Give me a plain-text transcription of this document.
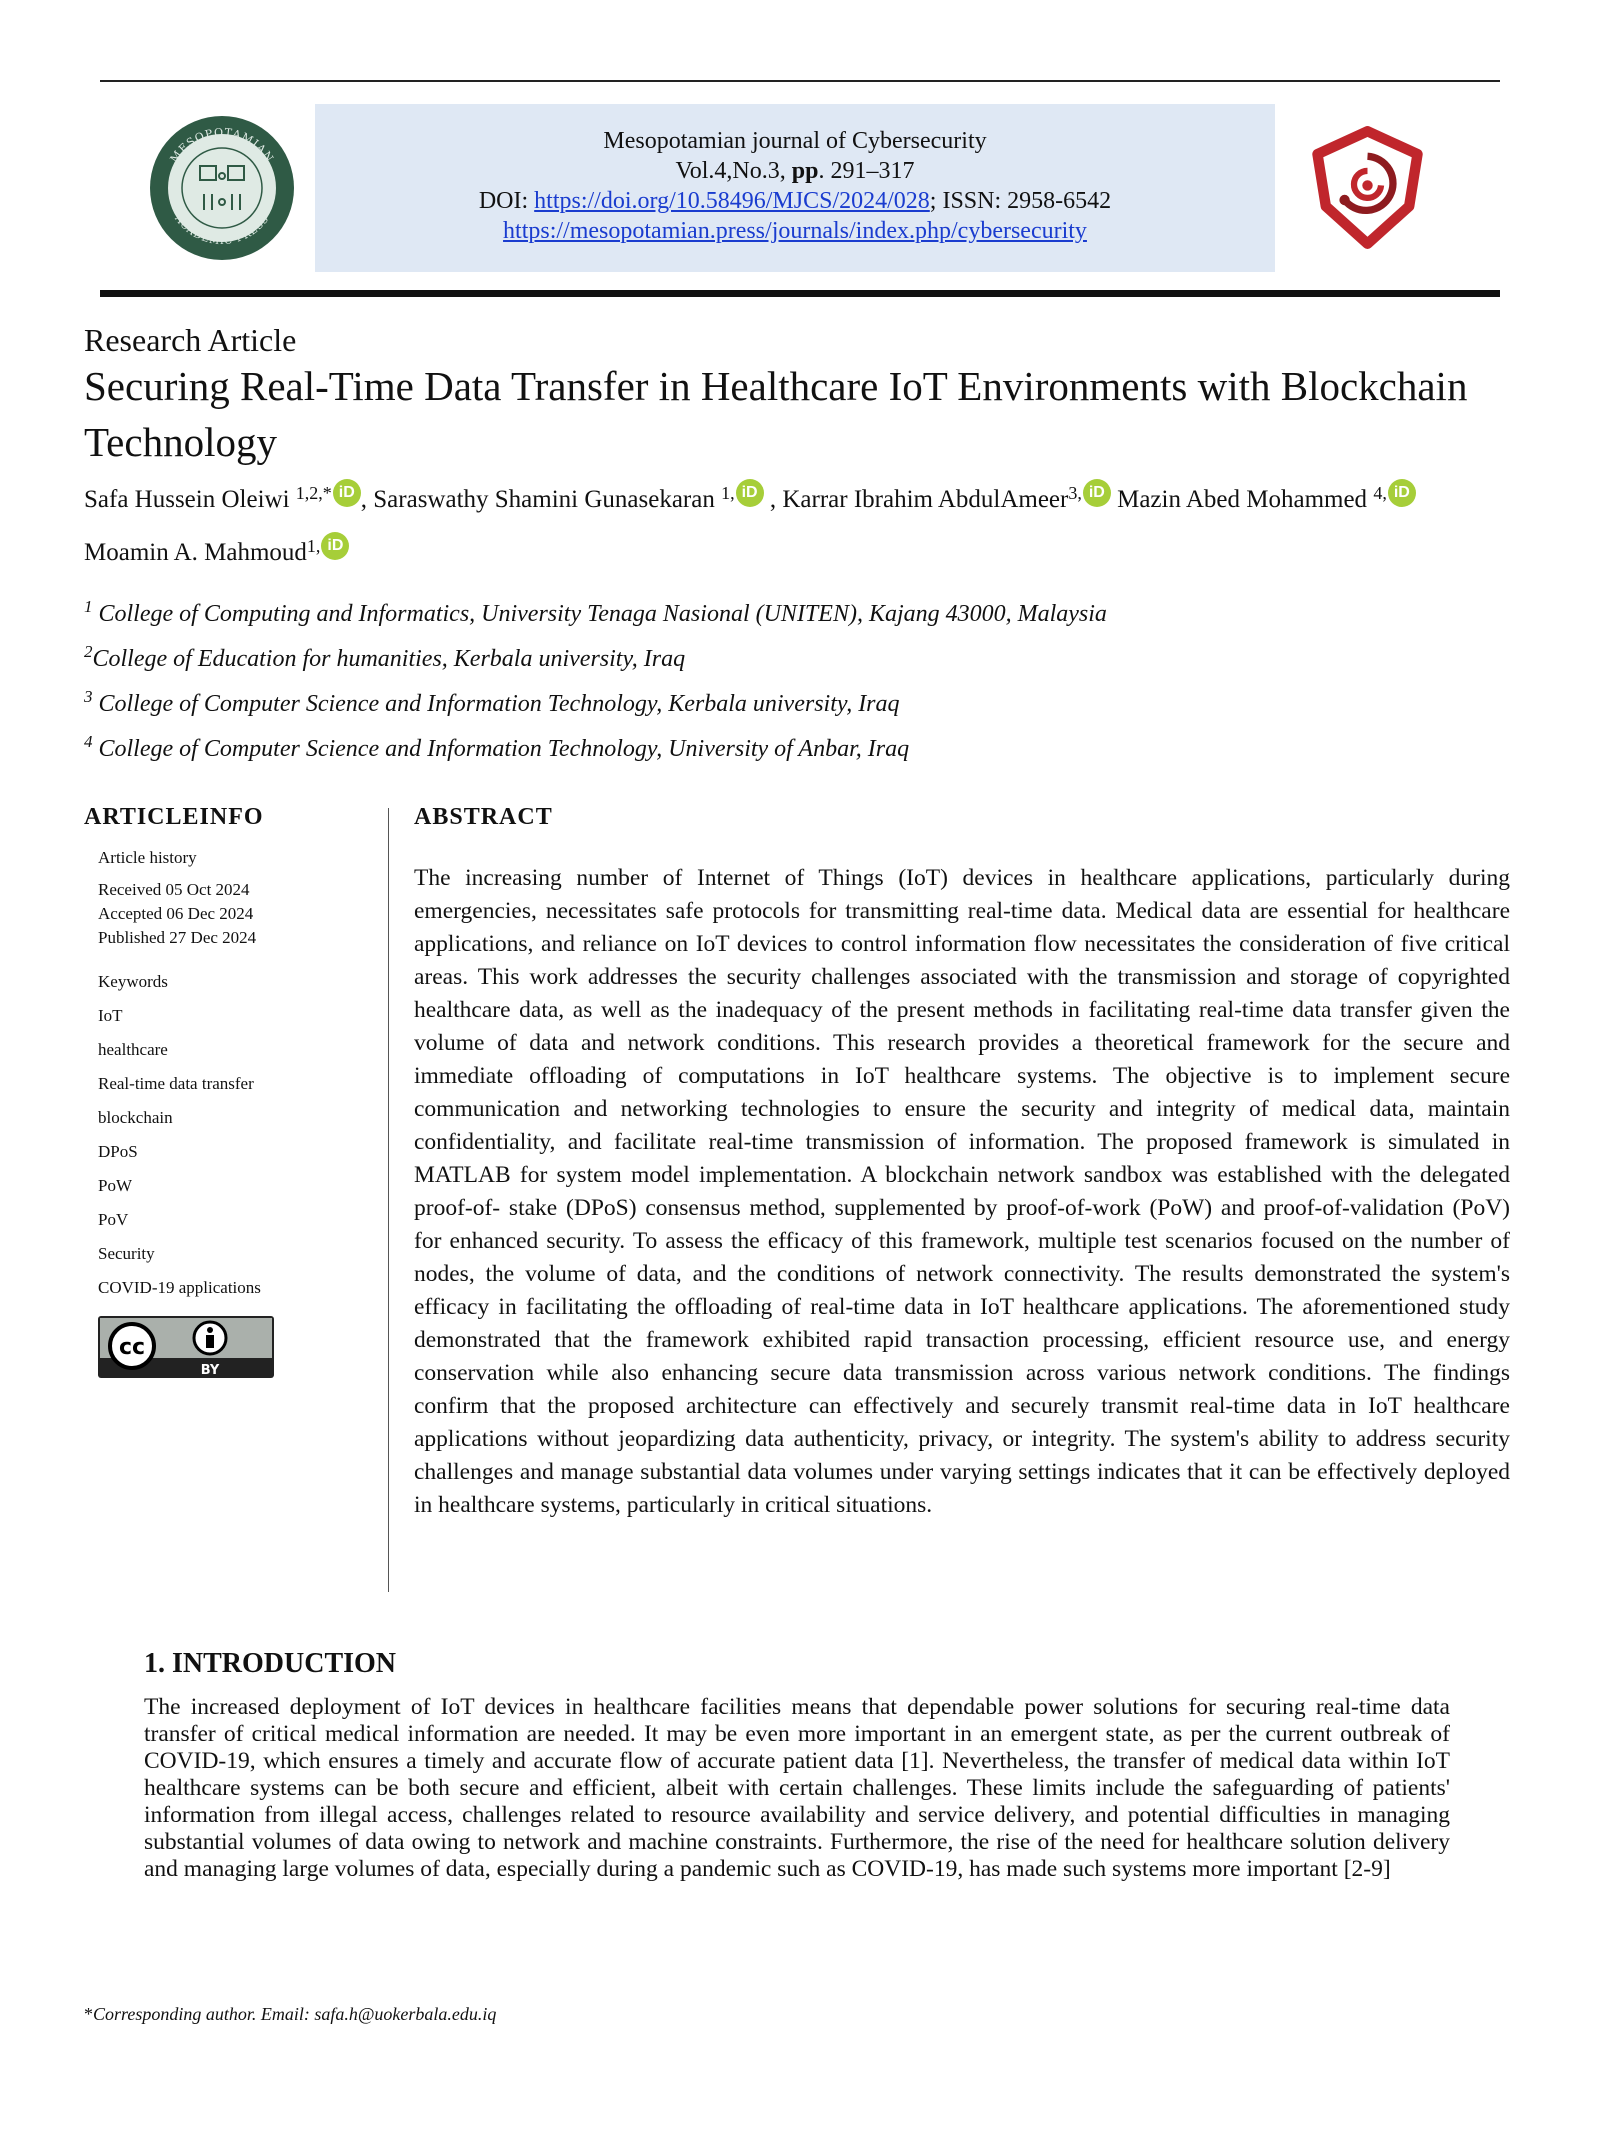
MESOPOTAMIAN
ACADEMIC PRESS
Mesopotamian journal of Cybersecurity
Vol.4,No.3, pp. 291–317
DOI: https://doi.org/10.58496/MJCS/2024/028; ISSN: 2958-6542
https://mesopotamian.press/journals/index.php/cybersecurity
Research Article
Securing Real-Time Data Transfer in Healthcare IoT Environments with Blockchain Technology
Safa Hussein Oleiwi $^{1,2,*}$ iD , Saraswathy Shamini Gunasekaran $^{1,}$ iD , Karrar Ibrahim AbdulAmeer$^{3,}$ iD Mazin Abed Mohammed $^{4,}$ iD
Moamin A. Mahmoud$^{1,}$ iD
$^1$ College of Computing and Informatics, University Tenaga Nasional (UNITEN), Kajang 43000, Malaysia
$^2$College of Education for humanities, Kerbala university, Iraq
$^3$ College of Computer Science and Information Technology, Kerbala university, Iraq
$^4$ College of Computer Science and Information Technology, University of Anbar, Iraq
ARTICLEINFO	ABSTRACT
Article history
Received 05 Oct 2024
Accepted 06 Dec 2024
Published 27 Dec 2024
Keywords
IoT
healthcare
Real-time data transfer
blockchain
DPoS
PoW
PoV
Security
COVID-19 applications
cc
BY
The increasing number of Internet of Things (IoT) devices in healthcare applications, particularly during emergencies, necessitates safe protocols for transmitting real-time data. Medical data are essential for healthcare applications, and reliance on IoT devices to control information flow necessitates the consideration of five critical areas. This work addresses the security challenges associated with the transmission and storage of copyrighted healthcare data, as well as the inadequacy of the present methods in facilitating real-time data transfer given the volume of data and network conditions. This research provides a theoretical framework for the secure and immediate offloading of computations in IoT healthcare systems. The objective is to implement secure communication and networking technologies to ensure the security and integrity of medical data, maintain confidentiality, and facilitate real-time transmission of information. The proposed framework is simulated in MATLAB for system model implementation. A blockchain network sandbox was established with the delegated proof-of- stake (DPoS) consensus method, supplemented by proof-of-work (PoW) and proof-of-validation (PoV) for enhanced security. To assess the efficacy of this framework, multiple test scenarios focused on the number of nodes, the volume of data, and the conditions of network connectivity. The results demonstrated the system's efficacy in facilitating the offloading of real-time data in IoT healthcare applications. The aforementioned study demonstrated that the framework exhibited rapid transaction processing, efficient resource use, and energy conservation while also enhancing secure data transmission across various network conditions. The findings confirm that the proposed architecture can effectively and securely transmit real-time data in IoT healthcare applications without jeopardizing data authenticity, privacy, or integrity. The system's ability to address security challenges and manage substantial data volumes under varying settings indicates that it can be effectively deployed in healthcare systems, particularly in critical situations.
1. INTRODUCTION
The increased deployment of IoT devices in healthcare facilities means that dependable power solutions for securing real-time data transfer of critical medical information are needed. It may be even more important in an emergent state, as per the current outbreak of COVID-19, which ensures a timely and accurate flow of accurate patient data [1]. Nevertheless, the transfer of medical data within IoT healthcare systems can be both secure and efficient, albeit with certain challenges. These limits include the safeguarding of patients' information from illegal access, challenges related to resource availability and service delivery, and potential difficulties in managing substantial volumes of data owing to network and machine constraints. Furthermore, the rise of the need for healthcare solution delivery and managing large volumes of data, especially during a pandemic such as COVID-19, has made such systems more important [2-9]
*Corresponding author. Email: safa.h@uokerbala.edu.iq
